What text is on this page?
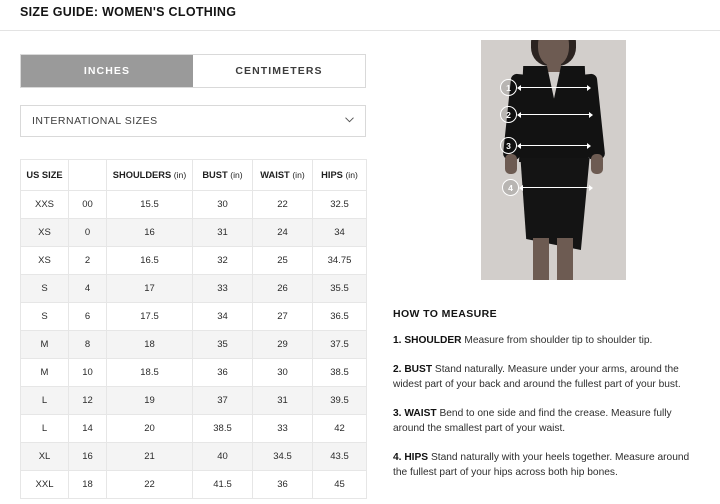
SIZE GUIDE: WOMEN'S CLOTHING
INCHES	CENTIMETERS
INTERNATIONAL SIZES
US SIZE		SHOULDERS (in)	BUST (in)	WAIST (in)	HIPS (in)
XXS	00	15.5	30	22	32.5
XS	0	16	31	24	34
XS	2	16.5	32	25	34.75
S	4	17	33	26	35.5
S	6	17.5	34	27	36.5
M	8	18	35	29	37.5
M	10	18.5	36	30	38.5
L	12	19	37	31	39.5
L	14	20	38.5	33	42
XL	16	21	40	34.5	43.5
XXL	18	22	41.5	36	45
1
2
3
4
HOW TO MEASURE
1. SHOULDER Measure from shoulder tip to shoulder tip.
2. BUST Stand naturally. Measure under your arms, around the widest part of your back and around the fullest part of your bust.
3. WAIST Bend to one side and find the crease. Measure fully around the smallest part of your waist.
4. HIPS Stand naturally with your heels together. Measure around the fullest part of your hips across both hip bones.
